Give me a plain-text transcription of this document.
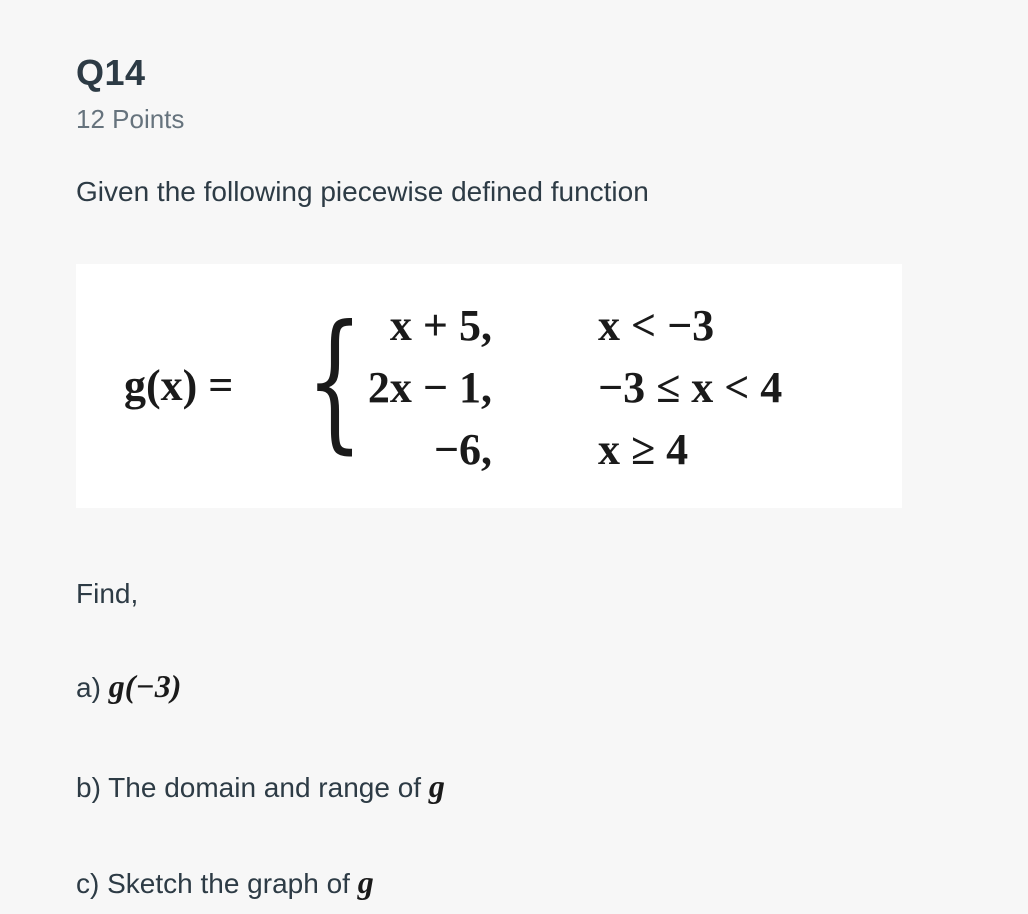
Q14
12 Points
Given the following piecewise defined function
g(x) = { x + 5, x < −3
2x − 1, −3 ≤ x < 4
−6, x ≥ 4
Find,
a) g(−3)
b) The domain and range of g
c) Sketch the graph of g
